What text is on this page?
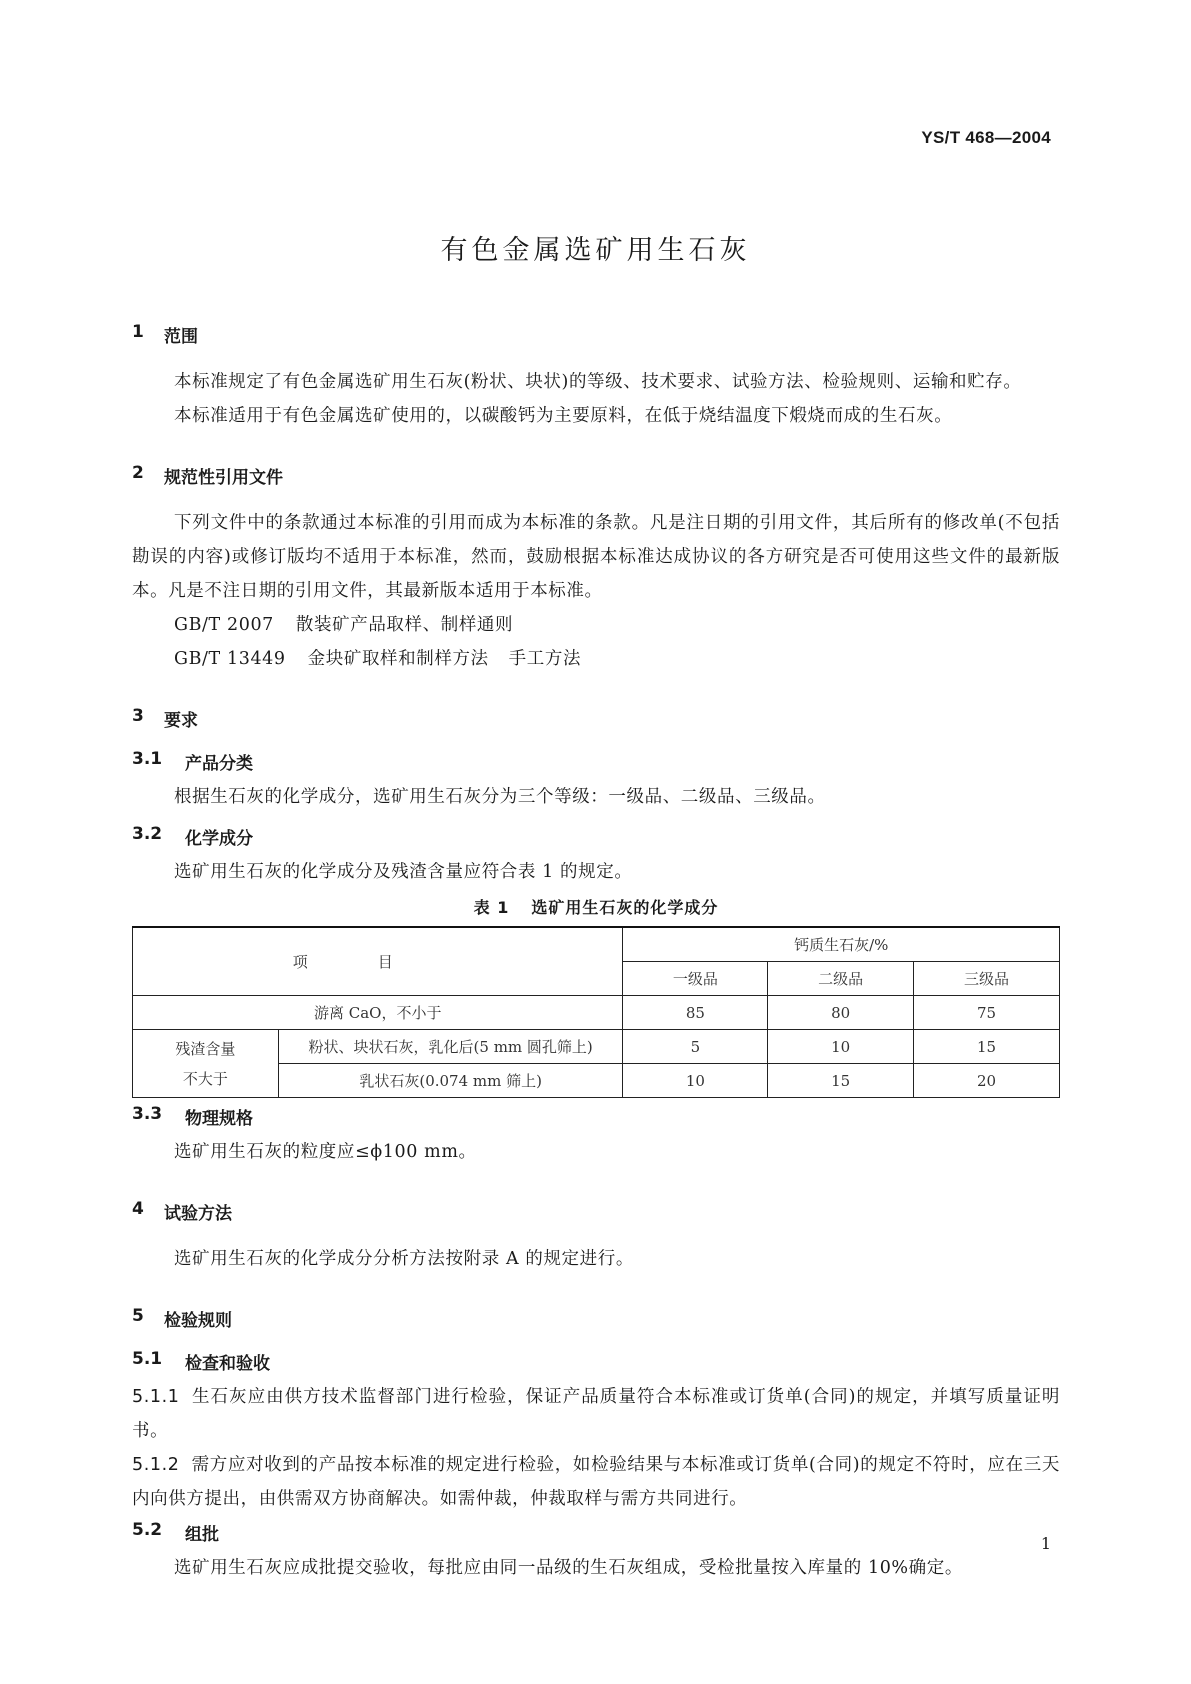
YS/T 468—2004
有色金属选矿用生石灰
1	范围

本标准规定了有色金属选矿用生石灰(粉状、块状)的等级、技术要求、试验方法、检验规则、运输和贮存。

本标准适用于有色金属选矿使用的，以碳酸钙为主要原料，在低于烧结温度下煅烧而成的生石灰。

2	规范性引用文件

下列文件中的条款通过本标准的引用而成为本标准的条款。凡是注日期的引用文件，其后所有的修改单(不包括勘误的内容)或修订版均不适用于本标准，然而，鼓励根据本标准达成协议的各方研究是否可使用这些文件的最新版本。凡是不注日期的引用文件，其最新版本适用于本标准。

GB/T 2007 散装矿产品取样、制样通则
GB/T 13449 金块矿取样和制样方法 手工方法
3	要求
3.1	产品分类

根据生石灰的化学成分，选矿用生石灰分为三个等级：一级品、二级品、三级品。

3.2	化学成分

选矿用生石灰的化学成分及残渣含量应符合表 1 的规定。

表 1 选矿用生石灰的化学成分
项目		钙质生石灰/%		
		一级品	二级品	三级品
游离 CaO，不小于		85	80	75

残渣含量
不大于	粉状、块状石灰，乳化后(5 mm 圆孔筛上)	5	10	15
	乳状石灰(0.074 mm 筛上)	10	15	20
3.3	物理规格

选矿用生石灰的粒度应≤ϕ100 mm。

4	试验方法

选矿用生石灰的化学成分分析方法按附录 A 的规定进行。

5	检验规则
5.1	检查和验收

5.1.1 生石灰应由供方技术监督部门进行检验，保证产品质量符合本标准或订货单(合同)的规定，并填写质量证明书。

5.1.2 需方应对收到的产品按本标准的规定进行检验，如检验结果与本标准或订货单(合同)的规定不符时，应在三天内向供方提出，由供需双方协商解决。如需仲裁，仲裁取样与需方共同进行。

5.2	组批

选矿用生石灰应成批提交验收，每批应由同一品级的生石灰组成，受检批量按入库量的 10%确定。

1
